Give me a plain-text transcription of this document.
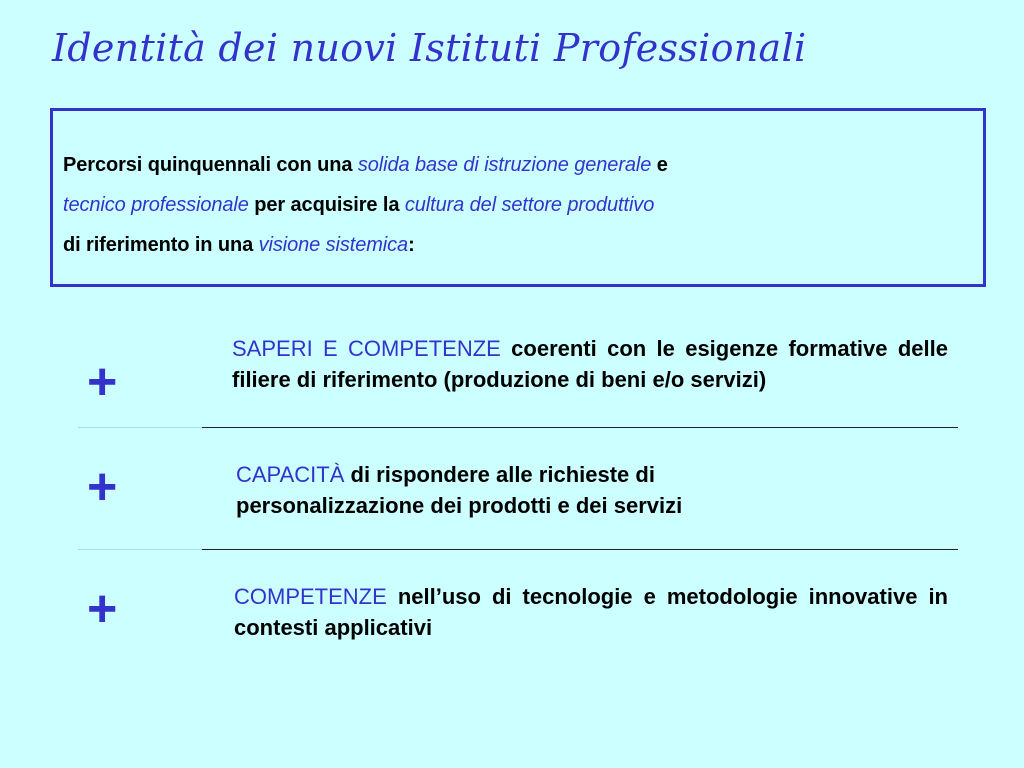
Identità dei nuovi Istituti Professionali
Percorsi quinquennali con una solida base di istruzione generale e
tecnico professionale per acquisire la cultura del settore produttivo
di riferimento in una visione sistemica:
+
SAPERI E COMPETENZE coerenti con le esigenze formative delle filiere di riferimento (produzione di beni e/o servizi)
+	CAPACITÀ di rispondere alle richieste di personalizzazione dei prodotti e dei servizi
+	COMPETENZE nell’uso di tecnologie e metodologie innovative in contesti applicativi
